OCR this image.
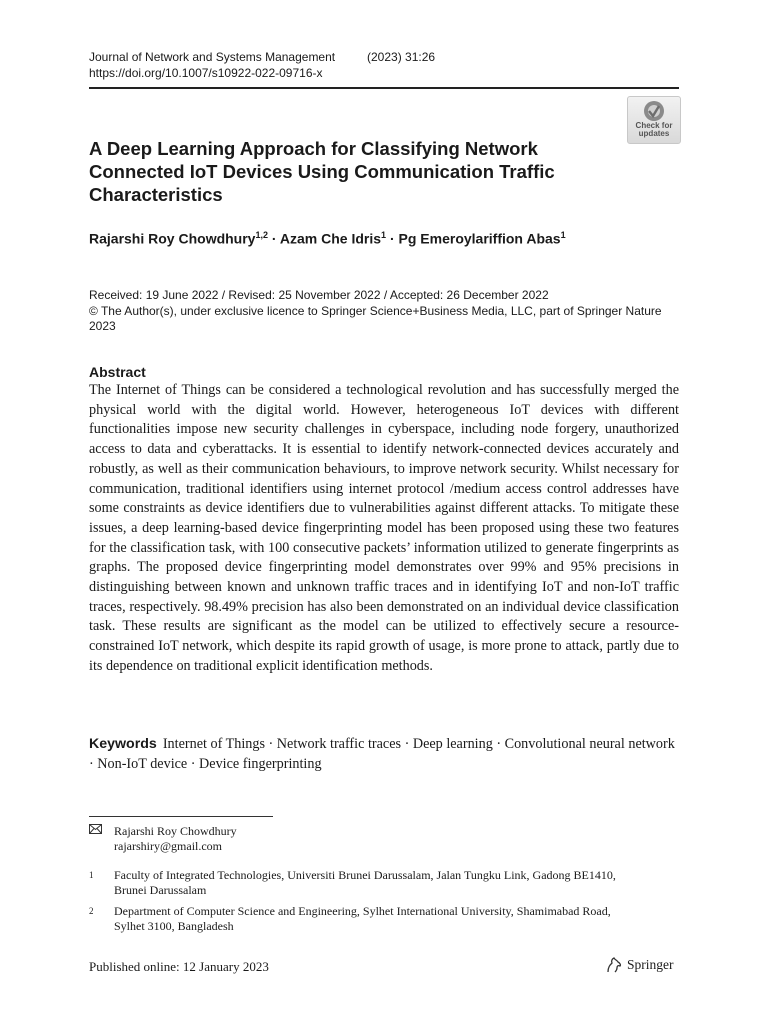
Journal of Network and Systems Management	(2023) 31:26
https://doi.org/10.1007/s10922-022-09716-x
Check for
updates
A Deep Learning Approach for Classifying Network Connected IoT Devices Using Communication Traffic Characteristics
Rajarshi Roy Chowdhury$^{1,2}$ · Azam Che Idris$^1$ · Pg Emeroylariffion Abas$^1$
Received: 19 June 2022 / Revised: 25 November 2022 / Accepted: 26 December 2022
© The Author(s), under exclusive licence to Springer Science+Business Media, LLC, part of Springer Nature 2023
Abstract

The Internet of Things can be considered a technological revolution and has successfully merged the physical world with the digital world. However, heterogeneous IoT devices with different functionalities impose new security challenges in cyberspace, including node forgery, unauthorized access to data and cyberattacks. It is essential to identify network-connected devices accurately and robustly, as well as their communication behaviours, to improve network security. Whilst necessary for communication, traditional identifiers using internet protocol /medium access control addresses have some constraints as device identifiers due to vulnerabilities against different attacks. To mitigate these issues, a deep learning-based device fingerprinting model has been proposed using these two features for the classification task, with 100 consecutive packets’ information utilized to generate fingerprints as graphs. The proposed device fingerprinting model demonstrates over 99% and 95% precisions in distinguishing between known and unknown traffic traces and in identifying IoT and non-IoT traffic traces, respectively. 98.49% precision has also been demonstrated on an individual device classification task. These results are significant as the model can be utilized to effectively secure a resource-constrained IoT network, which despite its rapid growth of usage, is more prone to attack, partly due to its dependence on traditional explicit identification methods.

Keywords Internet of Things · Network traffic traces · Deep learning · Convolutional neural network · Non-IoT device · Device fingerprinting
Rajarshi Roy Chowdhury
rajarshiry@gmail.com
1	Faculty of Integrated Technologies, Universiti Brunei Darussalam, Jalan Tungku Link, Gadong BE1410, Brunei Darussalam
2	Department of Computer Science and Engineering, Sylhet International University, Shamimabad Road, Sylhet 3100, Bangladesh
Published online: 12 January 2023	Springer
